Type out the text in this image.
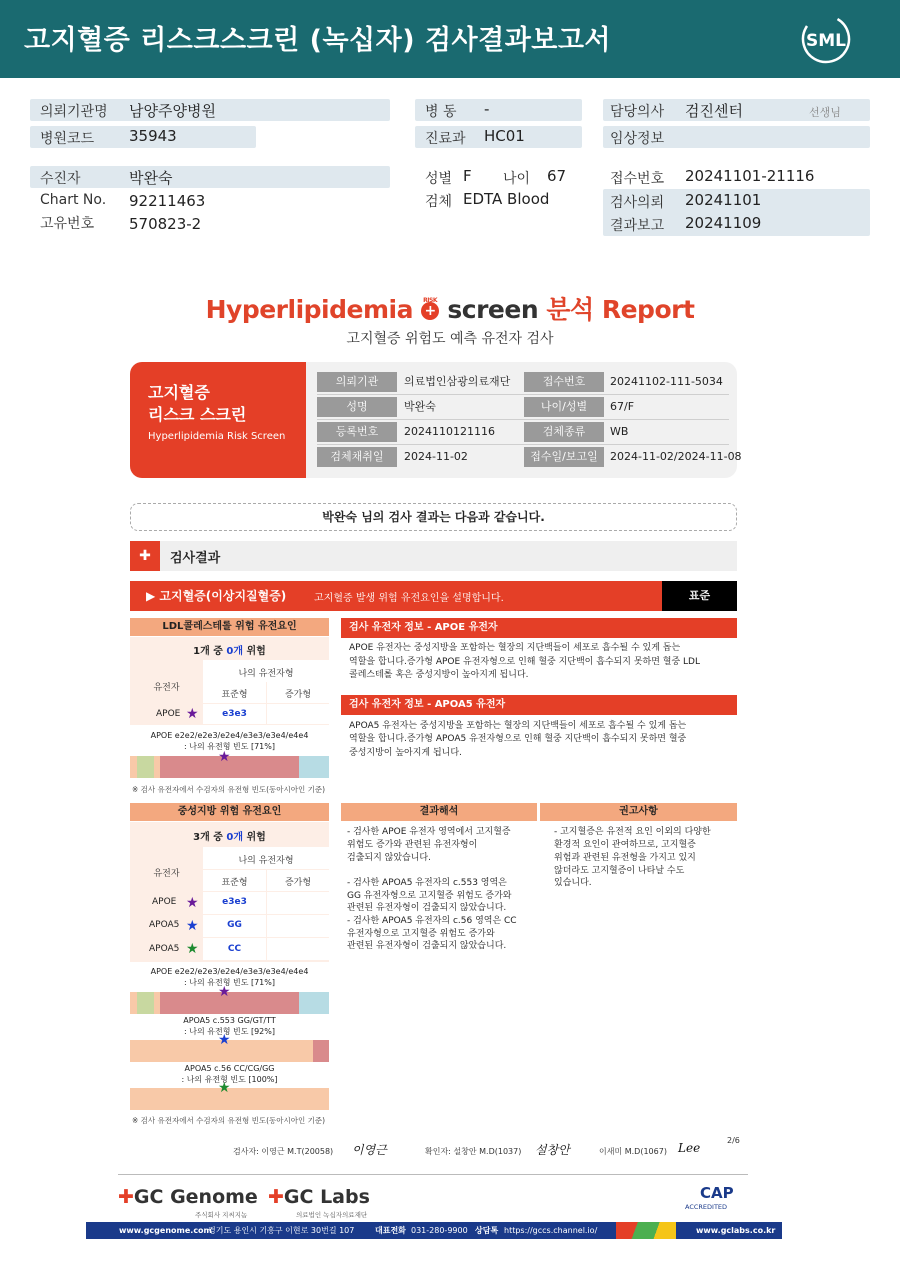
고지혈증 리스크스크린 (녹십자) 검사결과보고서	SML
의뢰기관명 남양주양병원
병원코드 35943
수진자	박완숙
Chart No. 92211463
고유번호 570823-2
병 동 -
진료과 HC01
성별 F 나이 67
검체 EDTA Blood
담당의사 검진센터	선생님
임상정보
접수번호 20241101-21116
검사의뢰 20241101
결과보고 20241109
Hyperlipidemia +
RISK screen 분석 Report
고지혈증 위험도 예측 유전자 검사
고지혈증
리스크 스크린
Hyperlipidemia Risk Screen
의뢰기관	의료법인삼광의료재단	접수번호	20241102-111-5034
성명	박완숙	나이/성별	67/F
등록번호	2024110121116	검체종류	WB
검체채취일	2024-11-02	접수일/보고일	2024-11-02/2024-11-08
박완숙 님의 검사 결과는 다음과 같습니다.
✚	검사결과
▶ 고지혈증(이상지질혈증)	고지혈증 발생 위험 유전요인을 설명합니다.	표준
LDL콜레스테롤 위험 유전요인
1개 중 0개 위험
나의 유전자형
유전자
표준형	증가형
APOE ★	e3e3
APOE e2e2/e2e3/e2e4/e3e3/e3e4/e4e4
: 나의 유전형 빈도 [71%]
★
※ 검사 유전자에서 수검자의 유전형 빈도(동아시아인 기준)
검사 유전자 정보 - APOE 유전자
APOE 유전자는 중성지방을 포함하는 혈장의 지단백들이 세포로 흡수될 수 있게 돕는
역할을 합니다.증가형 APOE 유전자형으로 인해 혈중 지단백이 흡수되지 못하면 혈중 LDL
콜레스테롤 혹은 중성지방이 높아지게 됩니다.
검사 유전자 정보 - APOA5 유전자
APOA5 유전자는 중성지방을 포함하는 혈장의 지단백들이 세포로 흡수될 수 있게 돕는
역할을 합니다.증가형 APOA5 유전자형으로 인해 혈중 지단백이 흡수되지 못하면 혈중
중성지방이 높아지게 됩니다.
중성지방 위험 유전요인
3개 중 0개 위험
나의 유전자형
유전자
표준형	증가형
APOE ★	e3e3
APOA5 ★	GG
APOA5 ★	CC
APOE e2e2/e2e3/e2e4/e3e3/e3e4/e4e4
: 나의 유전형 빈도 [71%]
★
APOA5 c.553 GG/GT/TT
: 나의 유전형 빈도 [92%]
★
APOA5 c.56 CC/CG/GG
: 나의 유전형 빈도 [100%]
★
※ 검사 유전자에서 수검자의 유전형 빈도(동아시아인 기준)
결과해석	권고사항
- 검사한 APOE 유전자 영역에서 고지혈증
위험도 증가와 관련된 유전자형이
검출되지 않았습니다.
- 검사한 APOA5 유전자의 c.553 영역은
GG 유전자형으로 고지혈증 위험도 증가와
관련된 유전자형이 검출되지 않았습니다.
- 검사한 APOA5 유전자의 c.56 영역은 CC
유전자형으로 고지혈증 위험도 증가와
관련된 유전자형이 검출되지 않았습니다.
- 고지혈증은 유전적 요인 이외의 다양한
환경적 요인이 관여하므로, 고지혈증
위험과 관련된 유전형을 가지고 있지
않더라도 고지혈증이 나타날 수도
있습니다.
검사자: 이영근 M.T(20058) 이영근	확인자: 설창안 M.D(1037) 설창안	이새미 M.D(1067) Lee
2/6
✚GC Genome
주식회사 지씨지놈
✚GC Labs
의료법인 녹십자의료재단
CAP
ACCREDITED
www.gcgenome.com
경기도 용인시 기흥구 이현로 30번길 107	대표전화 031-280-9900 상담톡 https://gccs.channel.io/	www.gclabs.co.kr
